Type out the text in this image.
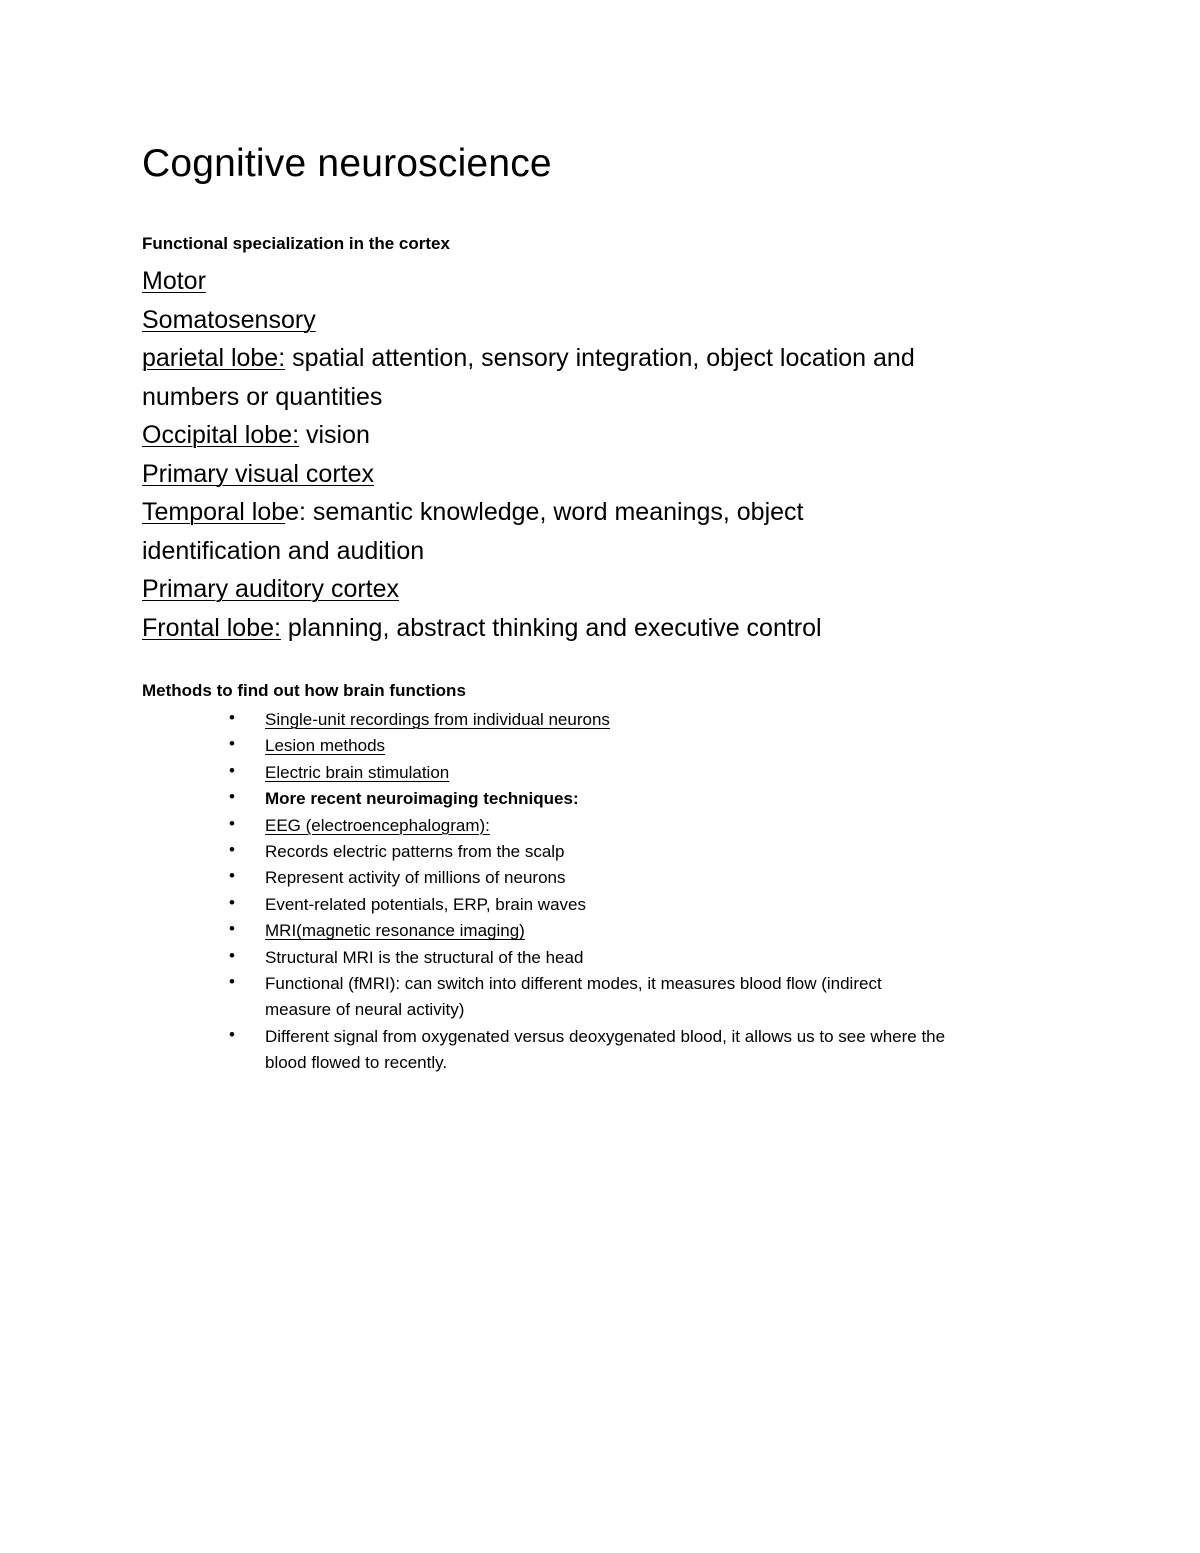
Cognitive neuroscience

Functional specialization in the cortex

Motor

Somatosensory

parietal lobe: spatial attention, sensory integration, object location and

numbers or quantities

Occipital lobe: vision

Primary visual cortex

Temporal lobe: semantic knowledge, word meanings, object

identification and audition

Primary auditory cortex

Frontal lobe: planning, abstract thinking and executive control

Methods to find out how brain functions

• Single-unit recordings from individual neurons
• Lesion methods
• Electric brain stimulation
• More recent neuroimaging techniques:
• EEG (electroencephalogram):
• Records electric patterns from the scalp
• Represent activity of millions of neurons
• Event-related potentials, ERP, brain waves
• MRI(magnetic resonance imaging)
• Structural MRI is the structural of the head
• Functional (fMRI): can switch into different modes, it measures blood flow (indirect
measure of neural activity)
• Different signal from oxygenated versus deoxygenated blood, it allows us to see where the
blood flowed to recently.
